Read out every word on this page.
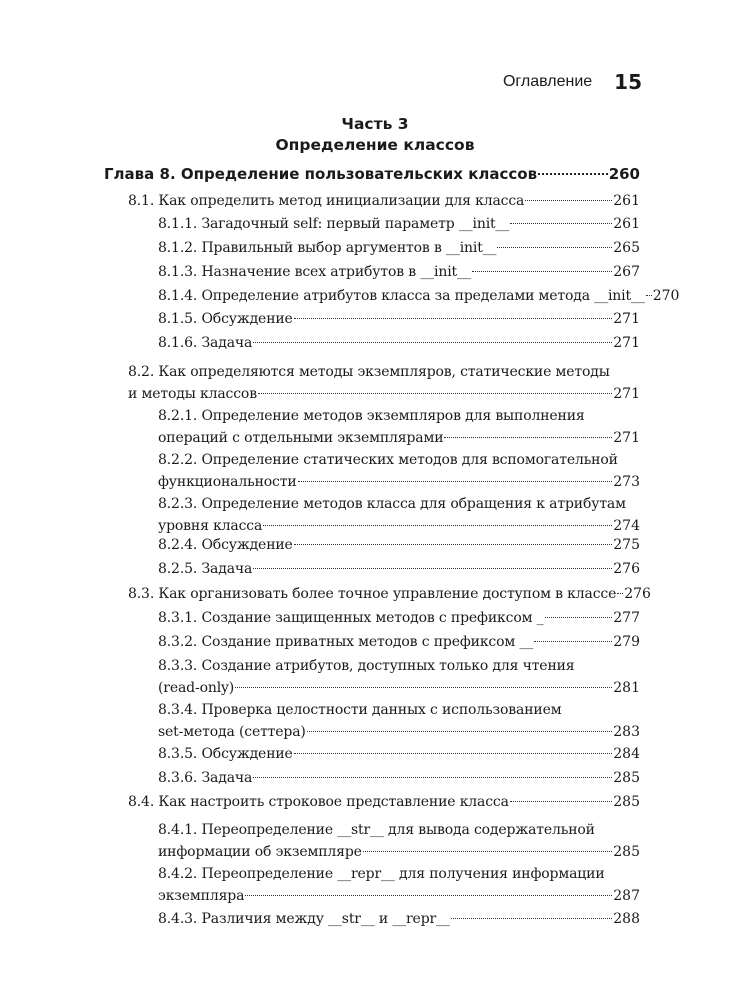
Оглавление 15
Часть 3
Определение классов
Глава 8. Определение пользовательских классов	260
8.1. Как определить метод инициализации для класса	261
8.1.1. Загадочный self: первый параметр __init__	261
8.1.2. Правильный выбор аргументов в __init__	265
8.1.3. Назначение всех атрибутов в __init__	267
8.1.4. Определение атрибутов класса за пределами метода __init__ 270
8.1.5. Обсуждение	271
8.1.6. Задача	271
8.2. Как определяются методы экземпляров, статические методы
и методы классов	271
8.2.1. Определение методов экземпляров для выполнения
операций с отдельными экземплярами	271
8.2.2. Определение статических методов для вспомогательной
функциональности	273
8.2.3. Определение методов класса для обращения к атрибутам
уровня класса	274
8.2.4. Обсуждение	275
8.2.5. Задача	276
8.3. Как организовать более точное управление доступом в классе 276
8.3.1. Создание защищенных методов с префиксом _	277
8.3.2. Создание приватных методов с префиксом __	279
8.3.3. Создание атрибутов, доступных только для чтения
(read-only)	281
8.3.4. Проверка целостности данных с использованием
set-метода (сеттера)	283
8.3.5. Обсуждение	284
8.3.6. Задача	285
8.4. Как настроить строковое представление класса	285
8.4.1. Переопределение __str__ для вывода содержательной
информации об экземпляре	285
8.4.2. Переопределение __repr__ для получения информации
экземпляра	287
8.4.3. Различия между __str__ и __repr__	288
